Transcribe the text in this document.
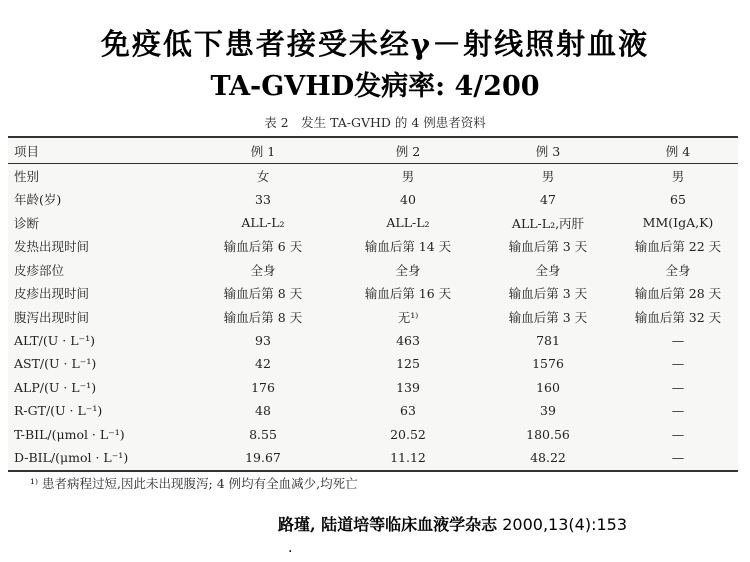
免疫低下患者接受未经γ－射线照射血液
TA-GVHD发病率: 4/200
表 2　发生 TA-GVHD 的 4 例患者资料
项目	例 1	例 2	例 3	例 4
性别	女	男	男	男
年龄(岁)	33	40	47	65
诊断	ALL-L₂	ALL-L₂	ALL-L₂,丙肝	MM(IgA,K)
发热出现时间	输血后第 6 天	输血后第 14 天	输血后第 3 天	输血后第 22 天
皮疹部位	全身	全身	全身	全身
皮疹出现时间	输血后第 8 天	输血后第 16 天	输血后第 3 天	输血后第 28 天
腹泻出现时间	输血后第 8 天	无¹⁾	输血后第 3 天	输血后第 32 天
ALT/(U · L⁻¹)	93	463	781	—
AST/(U · L⁻¹)	42	125	1576	—
ALP/(U · L⁻¹)	176	139	160	—
R-GT/(U · L⁻¹)	48	63	39	—
T-BIL/(μmol · L⁻¹)	8.55	20.52	180.56	—
D-BIL/(μmol · L⁻¹)	19.67	11.12	48.22	—
¹⁾ 患者病程过短,因此未出现腹泻; 4 例均有全血减少,均死亡
路瑾, 陆道培等临床血液学杂志 2000,13(4):153
.
